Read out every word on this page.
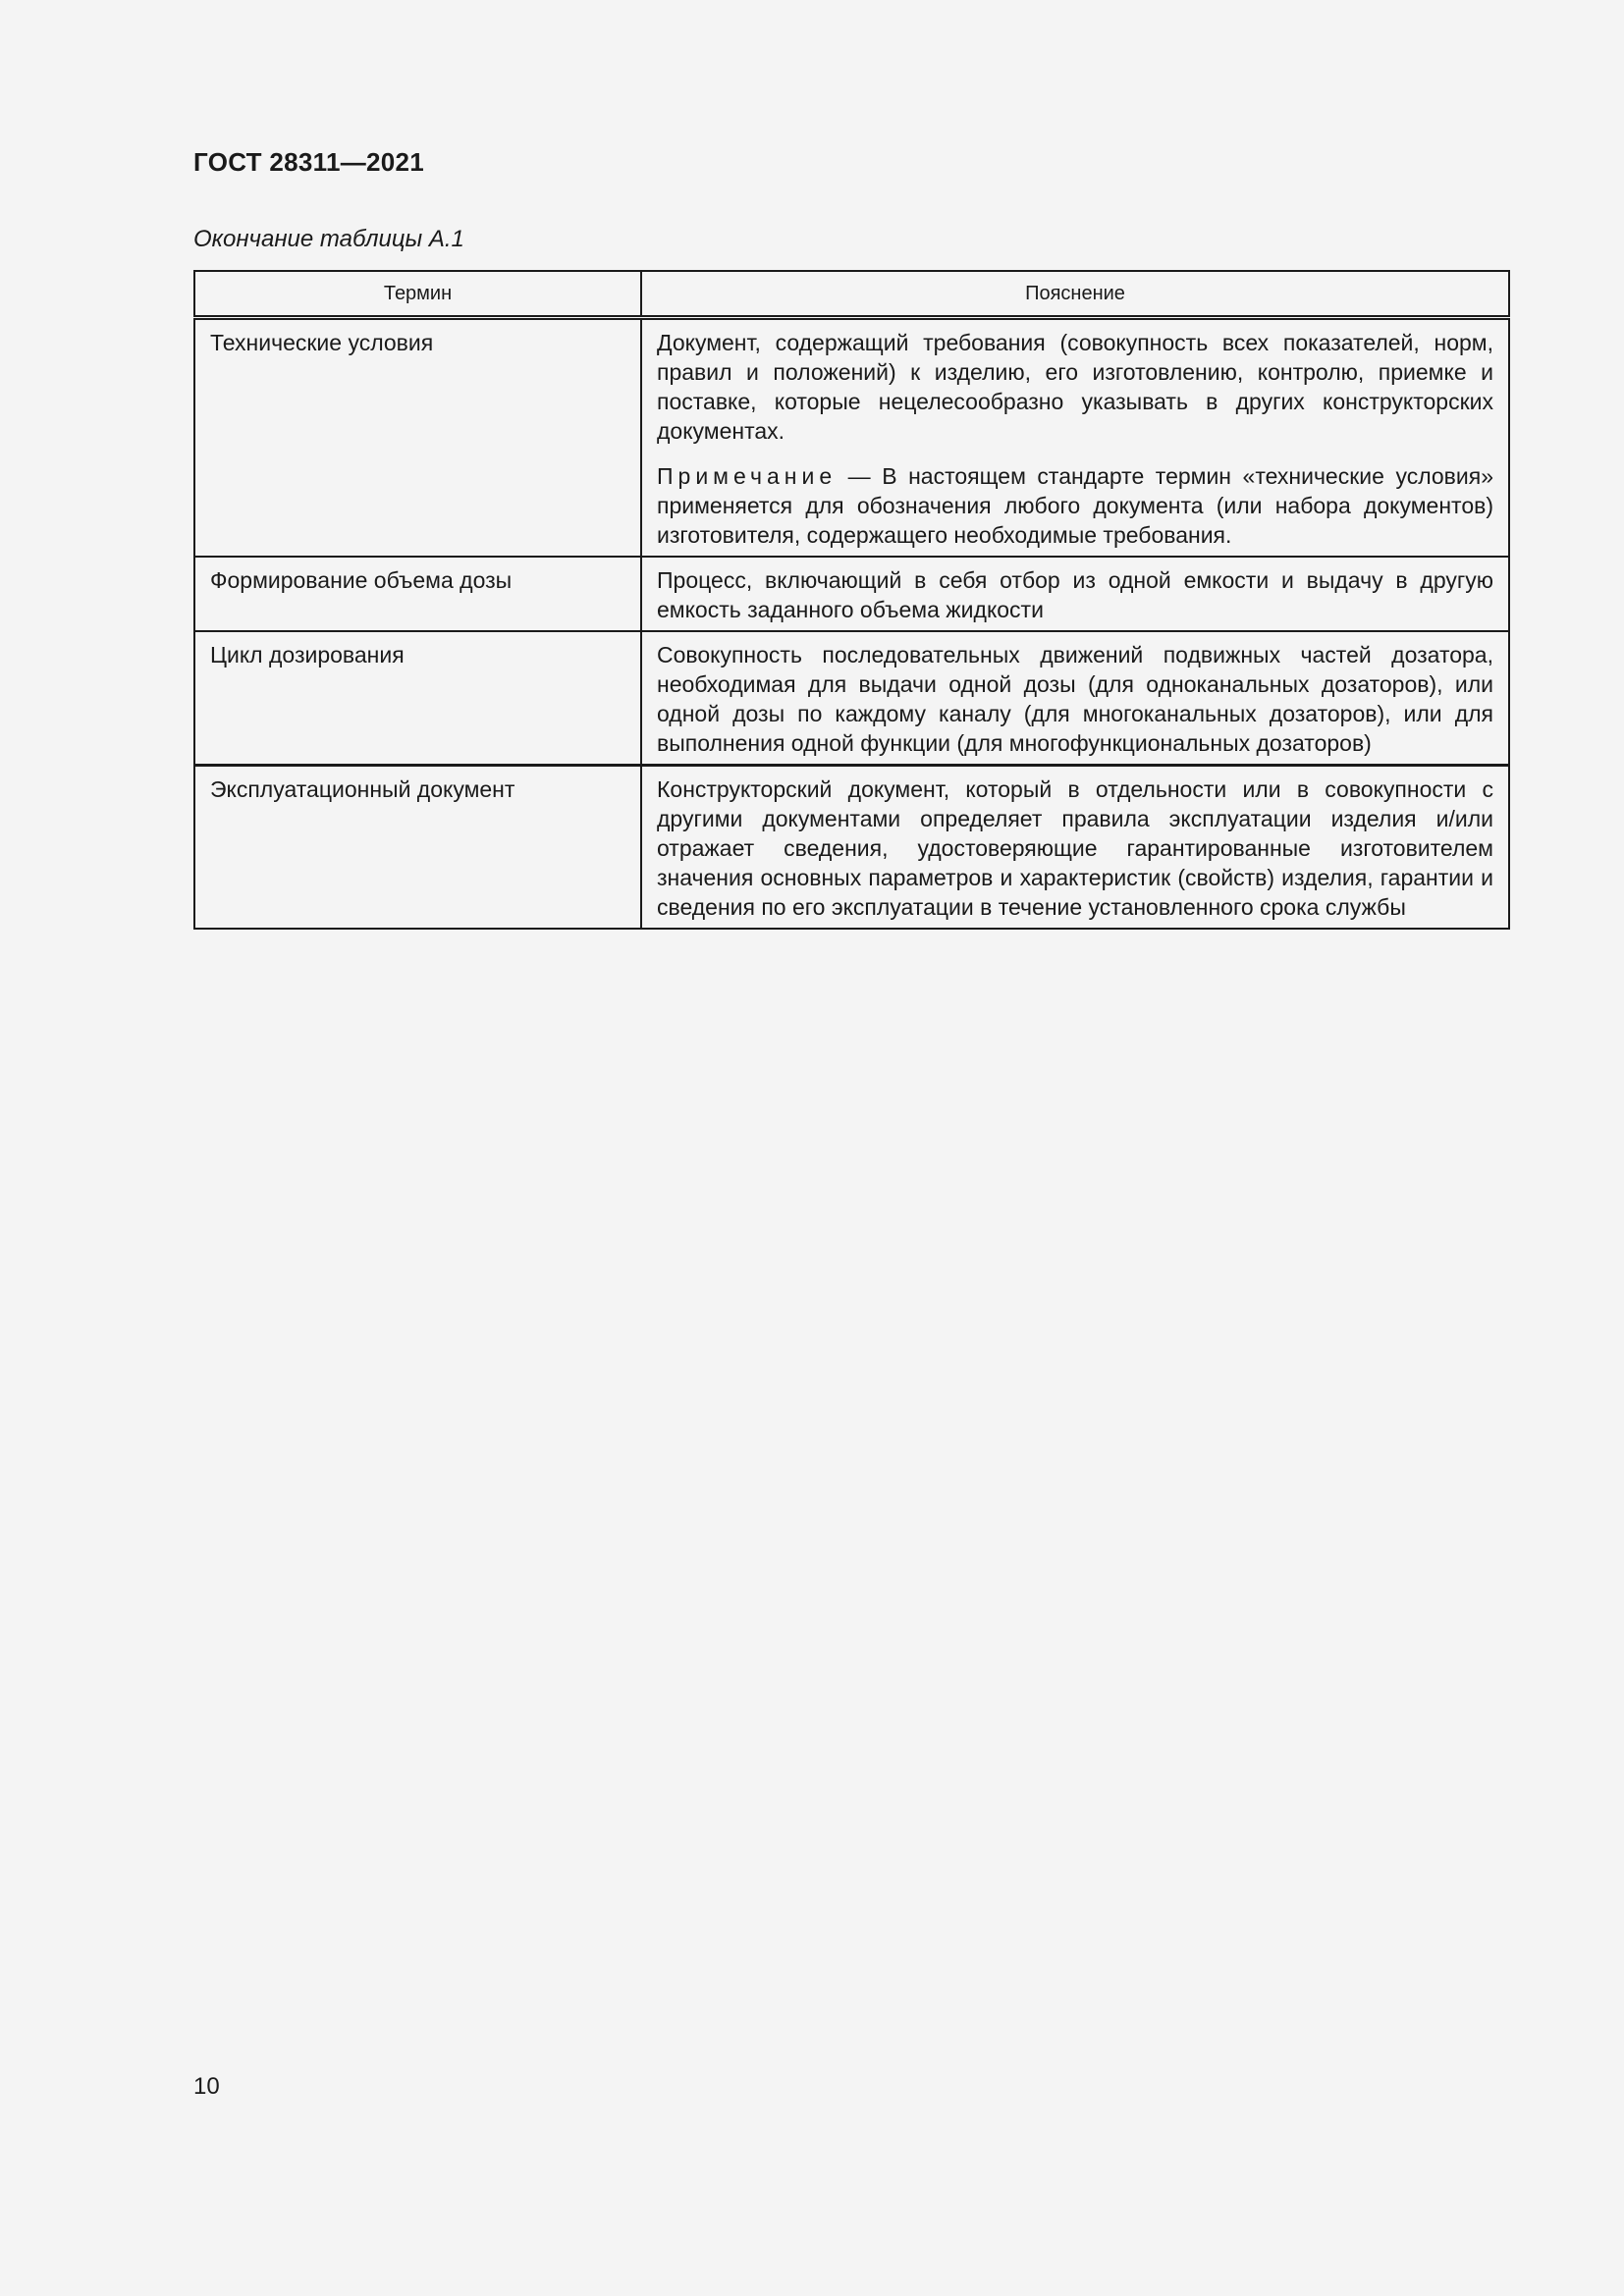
ГОСТ 28311—2021
Окончание таблицы А.1
Термин	Пояснение
Технические условия	Документ, содержащий требования (совокупность всех показателей, норм, правил и положений) к изделию, его изготовлению, контролю, приемке и поставке, которые нецелесообразно указывать в других конструкторских документах.

Примечание — В настоящем стандарте термин «технические условия» применяется для обозначения любого документа (или набора документов) изготовителя, содержащего необходимые требования.

Формирование объема дозы	Процесс, включающий в себя отбор из одной емкости и выдачу в другую емкость заданного объема жидкости
Цикл дозирования	Совокупность последовательных движений подвижных частей дозатора, необходимая для выдачи одной дозы (для одноканальных дозаторов), или одной дозы по каждому каналу (для многоканальных дозаторов), или для выполнения одной функции (для многофункциональных дозаторов)
Эксплуатационный документ	Конструкторский документ, который в отдельности или в совокупности с другими документами определяет правила эксплуатации изделия и/или отражает сведения, удостоверяющие гарантированные изготовителем значения основных параметров и характеристик (свойств) изделия, гарантии и сведения по его эксплуатации в течение установленного срока службы
10
